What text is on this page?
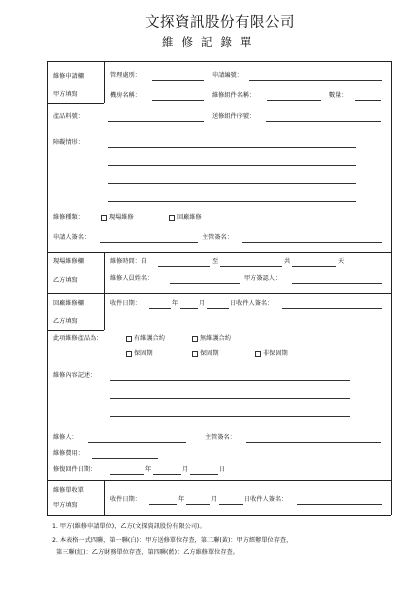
文探資訊股份有限公司
維修記錄單
維修申請欄
甲方填寫
管理處別：	申請編號：
機房名稱：	維修組件名稱：	數量：
產品料號：	送修組件序號：
障礙情形：
維修種類：	現場維修	回廠維修
申請人簽名：	主管簽名：
現場維修欄
乙方填寫
維修時間：自	至	共	天
維修人員姓名：	甲方簽認人：
回廠維修欄
乙方填寫
收件日期：	年	月	日收件人簽名：
此項維修產品為：	有維護合約	無維護合約
保固期	保固期	非保固期
維修內容記述：
維修人：	主管簽名：
維修費用：
修復回件日期：	年	月	日
維修單收單
甲方填寫
收件日期：	年	月	日收件人簽名：
1. 甲方(維修申請單位)，乙方(文探資訊股份有限公司)。
2. 本表格一式四聯，第一聯(白)：甲方送修單位存查，第二聯(黃)：甲方經辦單位存查，
第三聯(紅)：乙方財務單位存查，第四聯(藍)：乙方維修單位存查。
